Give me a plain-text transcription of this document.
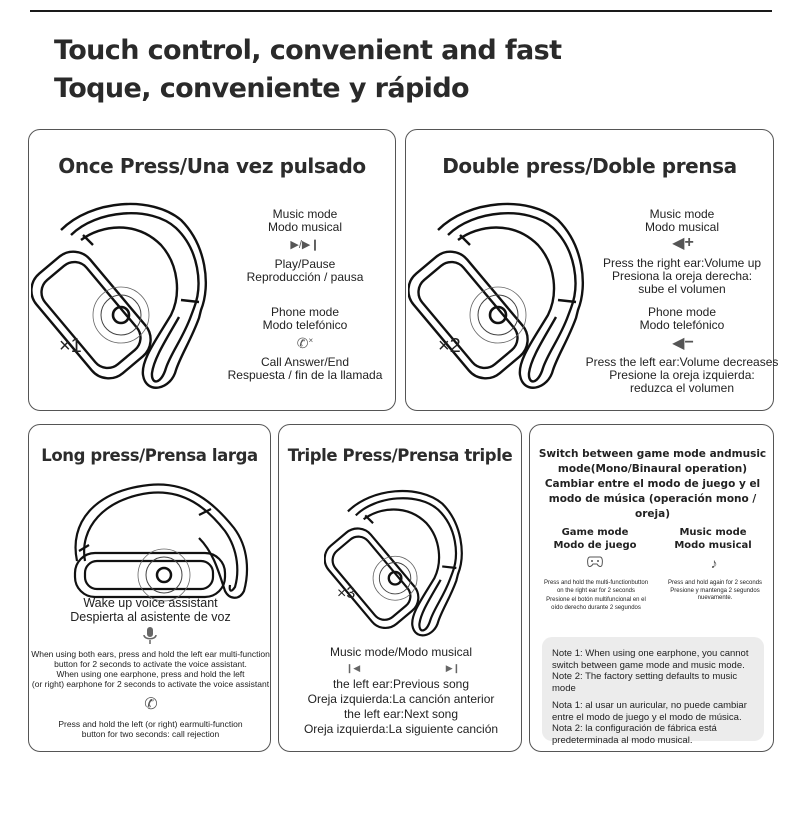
Touch control, convenient and fast
Toque, conveniente y rápido
Once Press/Una vez pulsado
×1
Music mode
Modo musical
▶/▶❙
Play/Pause
Reproducción / pausa
Phone mode
Modo telefónico
✆ ×
Call Answer/End
Respuesta / fin de la llamada
Double press/Doble prensa
×2
Music mode
Modo musical
◀ +
Press the right ear:Volume up
Presiona la oreja derecha:
sube el volumen
Phone mode
Modo telefónico
◀ −
Press the left ear:Volume decreases
Presione la oreja izquierda:
reduzca el volumen
Long press/Prensa larga
Wake up voice assistant
Despierta al asistente de voz
When using both ears, press and hold the left ear multi-function
button for 2 seconds to activate the voice assistant.
When using one earphone, press and hold the left
(or right) earphone for 2 seconds to activate the voice assistant
✆
Press and hold the left (or right) earmulti-function
button for two seconds: call rejection
Triple Press/Prensa triple
×3
Music mode/Modo musical
❙◀	▶❙
the left ear:Previous song
Oreja izquierda:La canción anterior
the left ear:Next song
Oreja izquierda:La siguiente canción
Switch between game mode andmusic
mode(Mono/Binaural operation)
Cambiar entre el modo de juego y el
modo de música (operación mono / oreja)
Game mode
Modo de juego
Press and hold the multi-functionbutton
on the right ear for 2 seconds
Presione el botón multifuncional en el
oído derecho durante 2 segundos
Music mode
Modo musical
♪
Press and hold again for 2 seconds
Presione y mantenga 2 segundos
nuevamente.

Note 1: When using one earphone, you cannot switch between game mode and music mode.
Note 2: The factory setting defaults to music mode

Nota 1: al usar un auricular, no puede cambiar entre el modo de juego y el modo de música.
Nota 2: la configuración de fábrica está predeterminada al modo musical.
